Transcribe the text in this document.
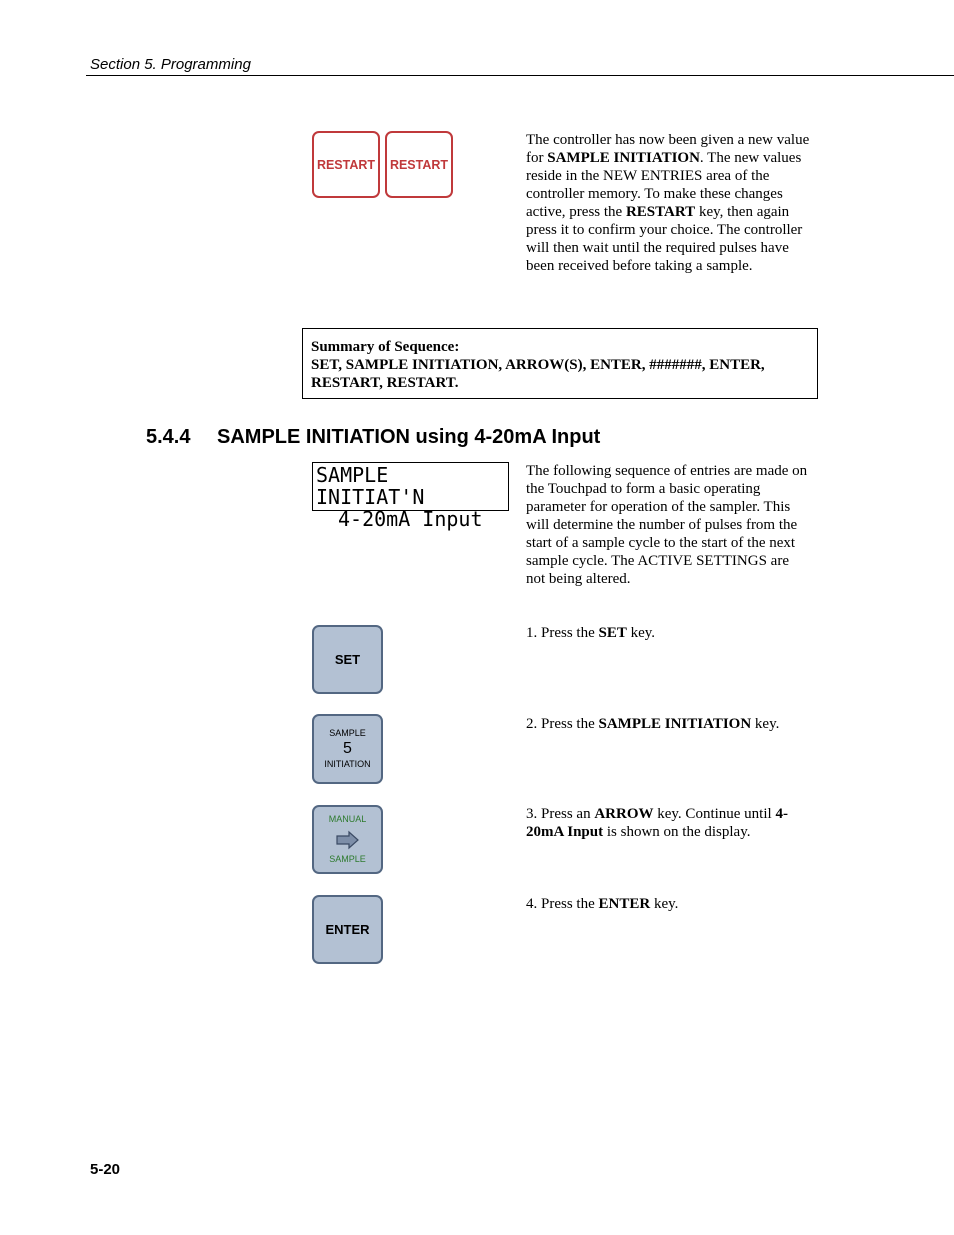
Section 5. Programming
RESTART RESTART
The controller has now been given a new value for SAMPLE INITIATION. The new values reside in the NEW ENTRIES area of the controller memory. To make these changes active, press the RESTART key, then again press it to confirm your choice. The controller will then wait until the required pulses have been received before taking a sample.
Summary of Sequence:
SET, SAMPLE INITIATION, ARROW(S), ENTER, #######, ENTER, RESTART, RESTART.
5.4.4 SAMPLE INITIATION using 4-20mA Input
SAMPLE INITIAT'N
4-20mA Input
The following sequence of entries are made on the Touchpad to form a basic operating parameter for operation of the sampler. This will determine the number of pulses from the start of a sample cycle to the start of the next sample cycle. The ACTIVE SETTINGS are not being altered.
SET
1. Press the SET key.
SAMPLE
5
INITIATION
2. Press the SAMPLE INITIATION key.
MANUAL
SAMPLE
3. Press an ARROW key. Continue until 4-20mA Input is shown on the display.
ENTER
4. Press the ENTER key.
5-20
